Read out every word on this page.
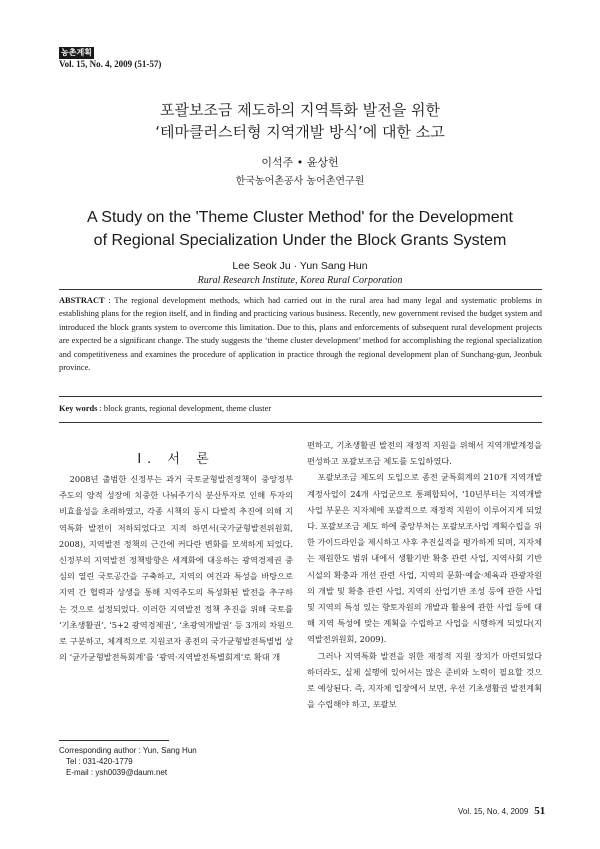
농촌계획
Vol. 15, No. 4, 2009 (51-57)
포괄보조금 제도하의 지역특화 발전을 위한
‘테마클러스터형 지역개발 방식’에 대한 소고
이석주 • 윤상헌
한국농어촌공사 농어촌연구원
A Study on the 'Theme Cluster Method' for the Development
of Regional Specialization Under the Block Grants System
Lee Seok Ju · Yun Sang Hun
Rural Research Institute, Korea Rural Corporation

ABSTRACT : The regional development methods, which had carried out in the rural area had many legal and systematic problems in establishing plans for the region itself, and in finding and practicing various business. Recently, new government revised the budget system and introduced the block grants system to overcome this limitation. Due to this, plans and enforcements of subsequent rural development projects are expected be a significant change. The study suggests the ‘theme cluster development’ method for accomplishing the regional specialization and competitiveness and examines the procedure of application in practice through the regional development plan of Sunchang-gun, Jeonbuk province.

Key words : block grants, regional development, theme cluster
I. 서 론

2008년 출범한 신정부는 과거 국토균형발전정책이 중앙정부 주도의 양적 성장에 치중한 나눠주기식 분산투자로 인해 투자의 비효율성을 초래하였고, 각종 시책의 동시 다발적 추진에 의해 지역특화 발전이 저하되었다고 지적 하면서(국가균형발전위원회, 2008), 지역발전 정책의 근간에 커다란 변화를 모색하게 되었다. 신정부의 지역발전 정책방향은 세계화에 대응하는 광역경제권 중심의 열린 국토공간을 구축하고, 지역의 여건과 특성을 바탕으로 지역 간 협력과 상생을 통해 지역주도의 특성화된 발전을 추구하는 것으로 설정되었다. 이러한 지역발전 정책 추진을 위해 국토를 ‘기초생활권’, ‘5+2 광역경제권’, ‘초광역개발권’ 등 3개의 차원으로 구분하고, 체계적으로 지원코자 종전의 국가균형발전특별법 상의 ‘균가균형발전특회계’를 ‘광역·지역발전특별회계’로 확대 개

편하고, 기초생활권 발전의 재정적 지원을 위해서 지역개발계정을 편성하고 포괄보조금 제도를 도입하였다.

포괄보조금 제도의 도입으로 종전 균특회계의 210개 지역개발계정사업이 24개 사업군으로 통폐합되어, ‘10년부터는 지역개발사업 부문은 지자체에 포괄적으로 재정적 지원이 이루어지게 되었다. 포괄보조금 제도 하에 중앙부처는 포괄보조사업 계획수립을 위한 가이드라인을 제시하고 사후 추진실적을 평가하게 되며, 지자체는 재원한도 범위 내에서 생활기반 확충 관련 사업, 지역사회 기반시설의 확충과 개선 관련 사업, 지역의 문화·예술·체육과 관광자원의 개발 및 확충 관련 사업, 지역의 산업기반 조성 등에 관한 사업 및 지역의 특성 있는 향토자원의 개발과 활용에 관한 사업 등에 대해 지역 특성에 맞는 계획을 수립하고 사업을 시행하게 되었다(지역발전위원회, 2009).

그러나 지역특화 발전을 위한 재정적 지원 장치가 마련되었다 하더라도, 실제 실행에 있어서는 많은 준비와 노력이 필요할 것으로 예상된다. 즉, 지자체 입장에서 보면, 우선 기초생활권 발전계획을 수립해야 하고, 포괄보

Corresponding author : Yun, Sang Hun
Tel : 031-420-1779
E-mail : ysh0039@daum.net
Vol. 15, No. 4, 2009 51
